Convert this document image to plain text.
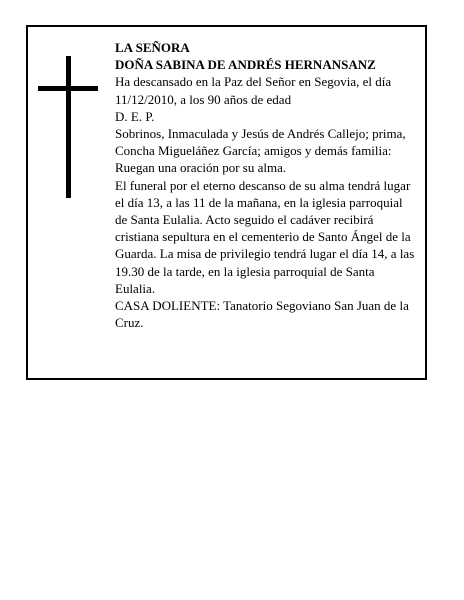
LA SEÑORA

DOÑA SABINA DE ANDRÉS HERNANSANZ

Ha descansado en la Paz del Señor en Segovia, el día 11/12/2010, a los 90 años de edad

D. E. P.

Sobrinos, Inmaculada y Jesús de Andrés Callejo; prima, Concha Migueláñez García; amigos y demás familia:

Ruegan una oración por su alma.

El funeral por el eterno descanso de su alma tendrá lugar el día 13, a las 11 de la mañana, en la iglesia parroquial de Santa Eulalia. Acto seguido el cadáver recibirá cristiana sepultura en el cementerio de Santo Ángel de la Guarda. La misa de privilegio tendrá lugar el día 14, a las 19.30 de la tarde, en la iglesia parroquial de Santa Eulalia.

CASA DOLIENTE: Tanatorio Segoviano San Juan de la Cruz.
